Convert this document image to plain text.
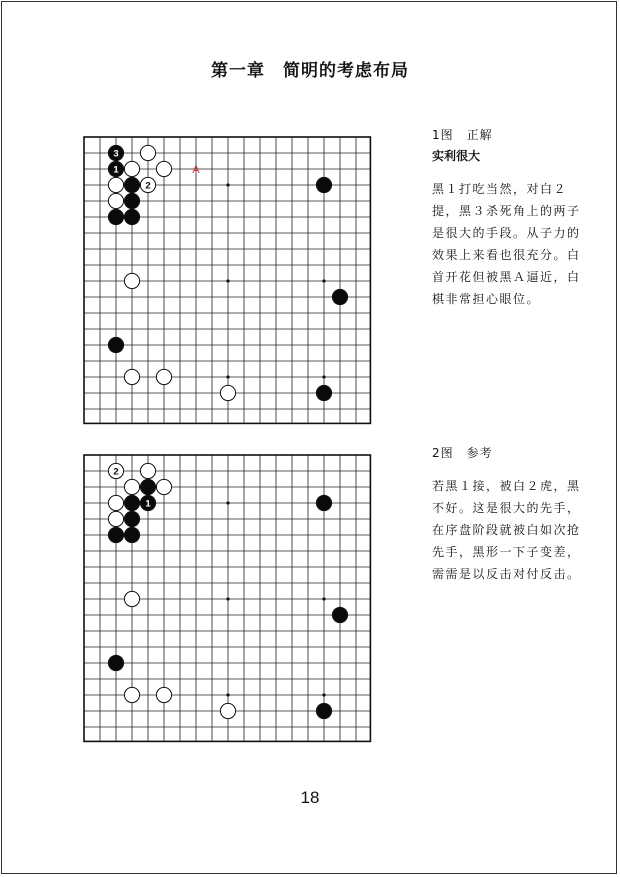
第一章　简明的考虑布局
3
1
2
A
1图　正解
实利很大
黑１打吃当然，对白２提，黑３杀死角上的两子是很大的手段。从子力的效果上来看也很充分。白首开花但被黑Ａ逼近，白棋非常担心眼位。
2
1
2图　参考
若黑１接，被白２虎，黑不好。这是很大的先手，在序盘阶段就被白如次抢先手，黑形一下子变差，需需是以反击对付反击。
18
